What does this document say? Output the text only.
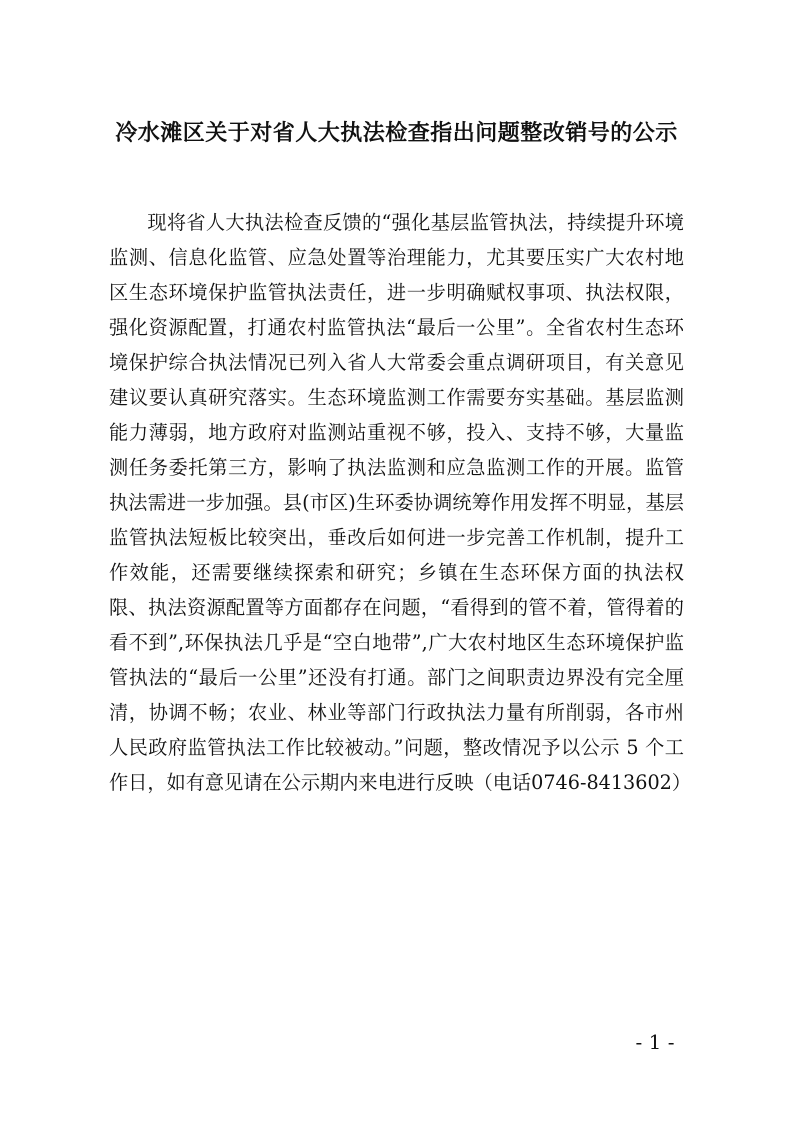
冷水滩区关于对省人大执法检查指出问题整改销号的公示

现将省人大执法检查反馈的“强化基层监管执法，持续提升环境监测、信息化监管、应急处置等治理能力，尤其要压实广大农村地区生态环境保护监管执法责任，进一步明确赋权事项、执法权限，强化资源配置，打通农村监管执法“最后一公里”。全省农村生态环境保护综合执法情况已列入省人大常委会重点调研项目，有关意见建议要认真研究落实。生态环境监测工作需要夯实基础。基层监测能力薄弱，地方政府对监测站重视不够，投入、支持不够，大量监测任务委托第三方，影响了执法监测和应急监测工作的开展。监管执法需进一步加强。县(市区)生环委协调统筹作用发挥不明显，基层监管执法短板比较突出，垂改后如何进一步完善工作机制，提升工作效能，还需要继续探索和研究；乡镇在生态环保方面的执法权限、执法资源配置等方面都存在问题，“看得到的管不着，管得着的看不到”,环保执法几乎是“空白地带”,广大农村地区生态环境保护监管执法的“最后一公里”还没有打通。部门之间职责边界没有完全厘清，协调不畅；农业、林业等部门行政执法力量有所削弱，各市州人民政府监管执法工作比较被动。”问题，整改情况予以公示 5 个工作日，如有意见请在公示期内来电进行反映（电话0746-8413602）

- 1 -
